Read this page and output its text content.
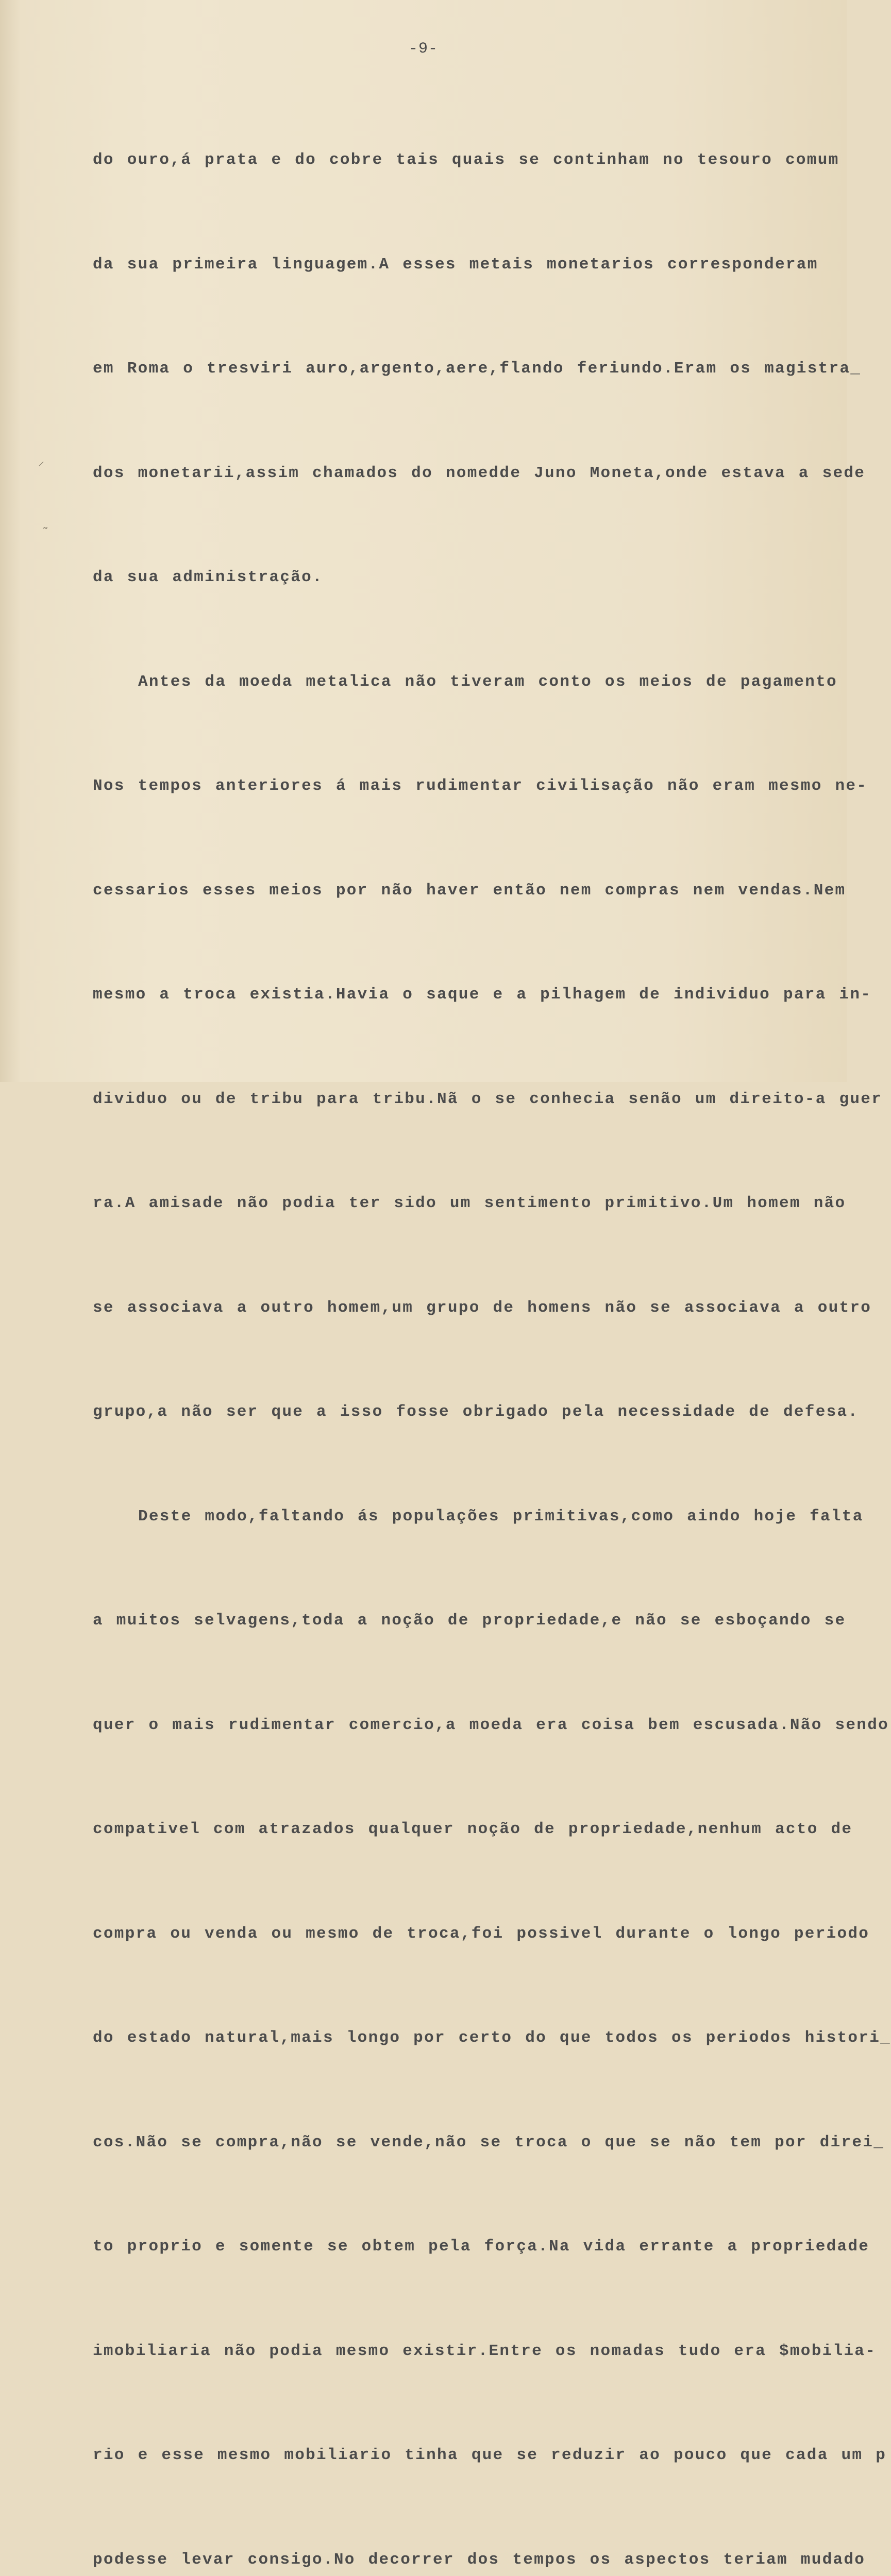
-9-
⸍
˜

do ouro,á prata e do cobre tais quais se continham no tesouro comum

da sua primeira linguagem.A esses metais monetarios corresponderam

em Roma o tresviri auro,argento,aere,flando feriundo.Eram os magistra_

dos monetarii,assim chamados do nomedde Juno Moneta,onde estava a sede

da sua administração.

Antes da moeda metalica não tiveram conto os meios de pagamento

Nos tempos anteriores á mais rudimentar civilisação não eram mesmo ne-

cessarios esses meios por não haver então nem compras nem vendas.Nem

mesmo a troca existia.Havia o saque e a pilhagem de individuo para in-

dividuo ou de tribu para tribu.Nã o se conhecia senão um direito-a guer

ra.A amisade não podia ter sido um sentimento primitivo.Um homem não

se associava a outro homem,um grupo de homens não se associava a outro

grupo,a não ser que a isso fosse obrigado pela necessidade de defesa.

Deste modo,faltando ás populações primitivas,como aindo hoje falta

a muitos selvagens,toda a noção de propriedade,e não se esboçando se

quer o mais rudimentar comercio,a moeda era coisa bem escusada.Não sendo

compativel com atrazados qualquer noção de propriedade,nenhum acto de

compra ou venda ou mesmo de troca,foi possivel durante o longo periodo

do estado natural,mais longo por certo do que todos os periodos histori_

cos.Não se compra,não se vende,não se troca o que se não tem por direi_

to proprio e somente se obtem pela força.Na vida errante a propriedade

imobiliaria não podia mesmo existir.Entre os nomadas tudo era $mobilia-

rio e esse mesmo mobiliario tinha que se reduzir ao pouco que cada um p

podesse levar consigo.No decorrer dos tempos os aspectos teriam mudado
